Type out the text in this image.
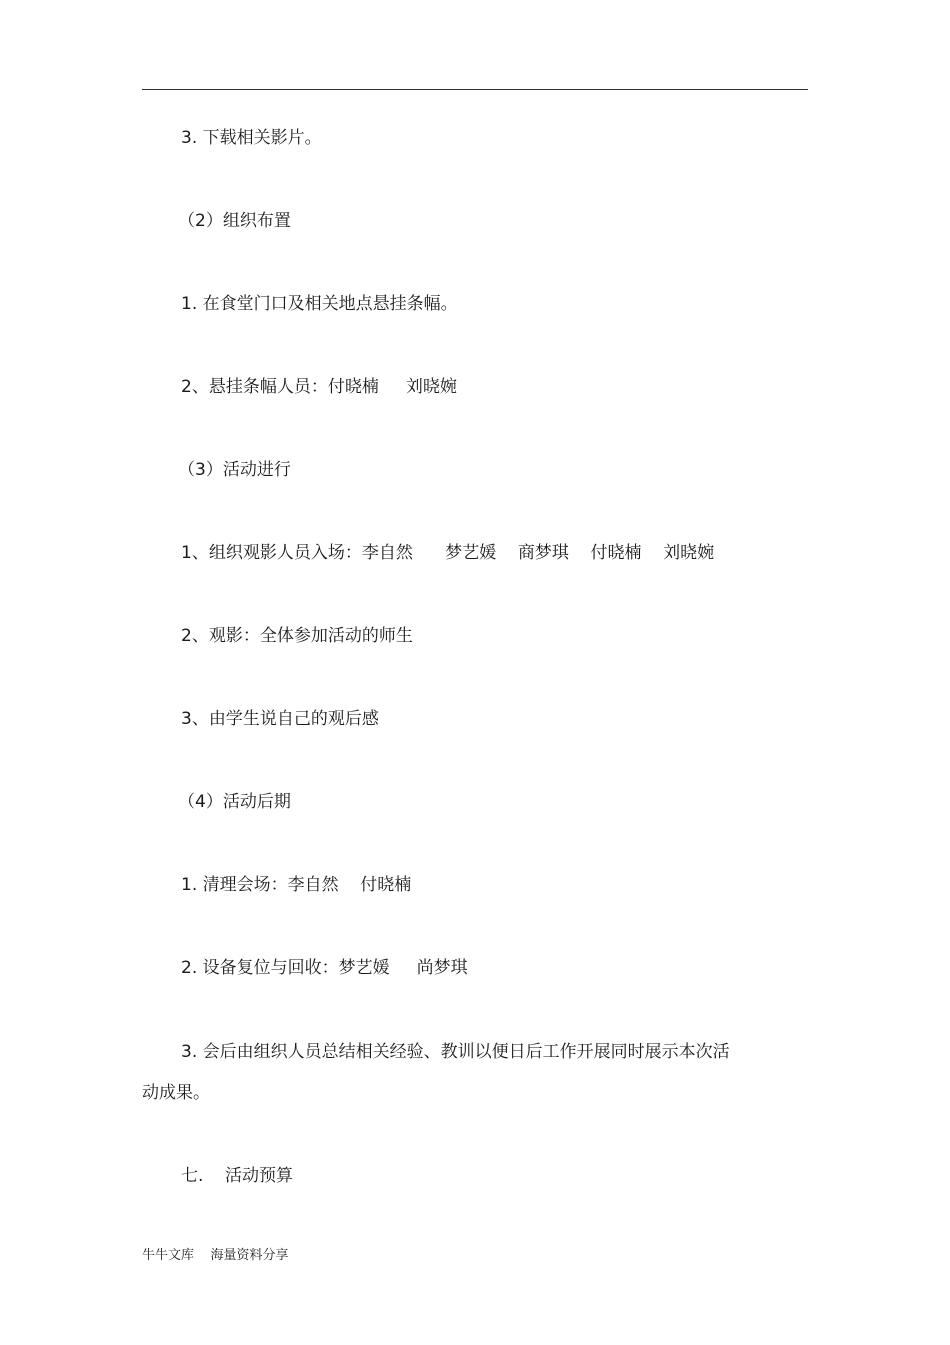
3. 下载相关影片。
（2）组织布置
1. 在食堂门口及相关地点悬挂条幅。
2、悬挂条幅人员：付晓楠     刘晓婉
（3）活动进行
1、组织观影人员入场：李自然      梦艺媛    商梦琪    付晓楠    刘晓婉
2、观影：全体参加活动的师生
3、由学生说自己的观后感
（4）活动后期
1. 清理会场：李自然    付晓楠
2. 设备复位与回收：梦艺媛     尚梦琪
3. 会后由组织人员总结相关经验、教训以便日后工作开展同时展示本次活
动成果。
七.    活动预算
牛牛文库    海量资料分享
